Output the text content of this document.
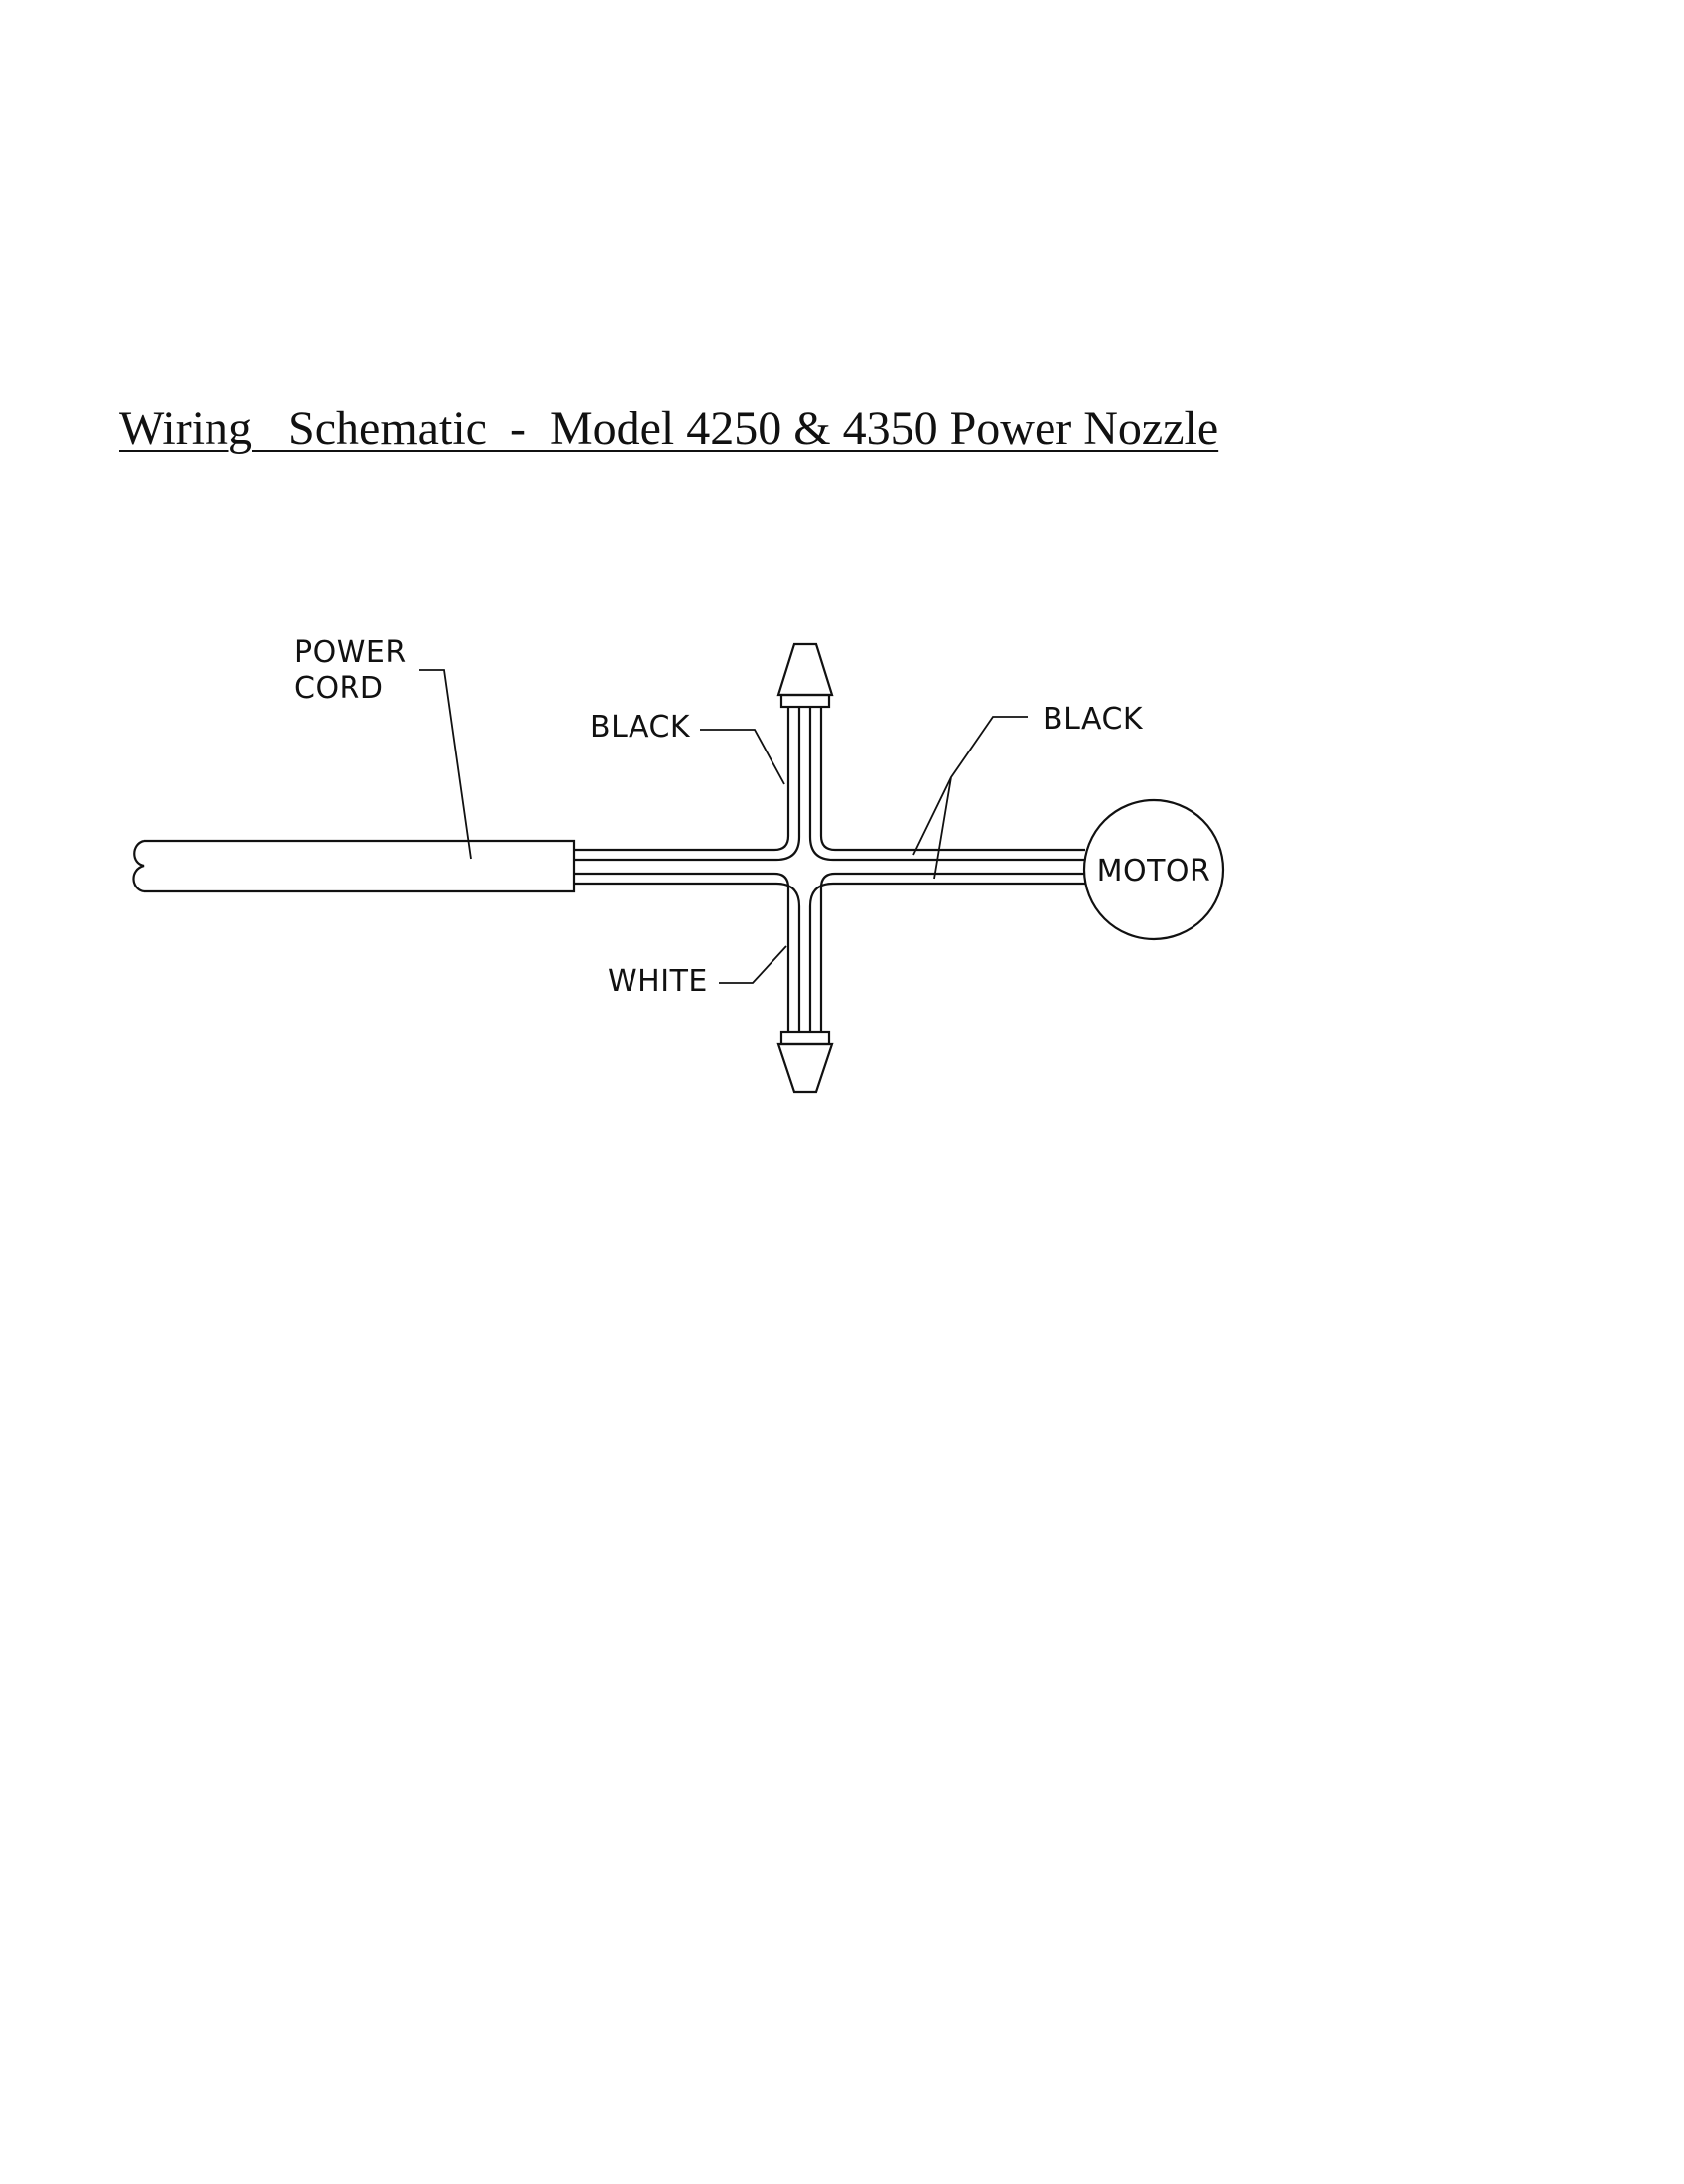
Wiring   Schematic  -  Model 4250 & 4350 Power Nozzle
MOTOR
POWER
CORD
BLACK	BLACK
WHITE
